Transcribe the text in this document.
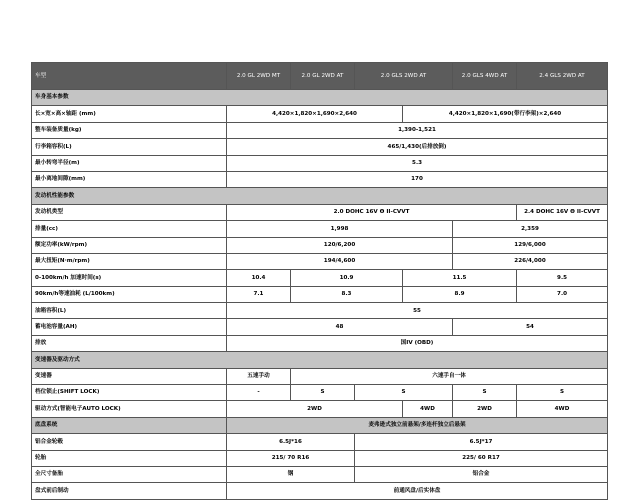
车型	2.0 GL 2WD MT	2.0 GL 2WD AT	2.0 GLS 2WD AT		2.0 GLS 4WD AT	2.4 GLS 2WD AT	
车身基本参数							
长×宽×高×轴距 (mm)	4,420×1,820×1,690×2,640			4,420×1,820×1,690(带行李架)×2,640			
整车装备质量(kg)	1,390-1,521						
行李箱容积(L)	465/1,430(后排放倒)						
最小转弯半径(m)	5.3						
最小离地间隙(mm)	170						
发动机性能参数							
发动机类型	2.0 DOHC 16V Θ II-CVVT					2.4 DOHC 16V Θ II-CVVT	
排量(cc)	1,998				2,359		
额定功率(kW/rpm)	120/6,200				129/6,000		
最大扭矩(N·m/rpm)	194/4,600				226/4,000		
0-100km/h 加速时间(s)	10.4	10.9		11.5		9.5	
90km/h等速油耗 (L/100km)	7.1	8.3		8.9		7.0	
油箱容积(L)	55						
蓄电池容量(AH)	48				54		
排放	国IV (OBD)						
变速器及驱动方式							
变速器	五速手动	六速手自一体					
档位锁止(SHIFT LOCK)	-	S	S		S	S	
驱动方式(智能电子AUTO LOCK)	2WD			4WD	2WD	4WD	
底盘系统	麦弗逊式独立前悬架/多连杆独立后悬架						
铝合金轮毂	6.5J*16		6.5J*17				
轮胎	215/ 70 R16		225/ 60 R17				
全尺寸备胎	钢		铝合金				
盘式前后制动	前通风盘/后实体盘						
